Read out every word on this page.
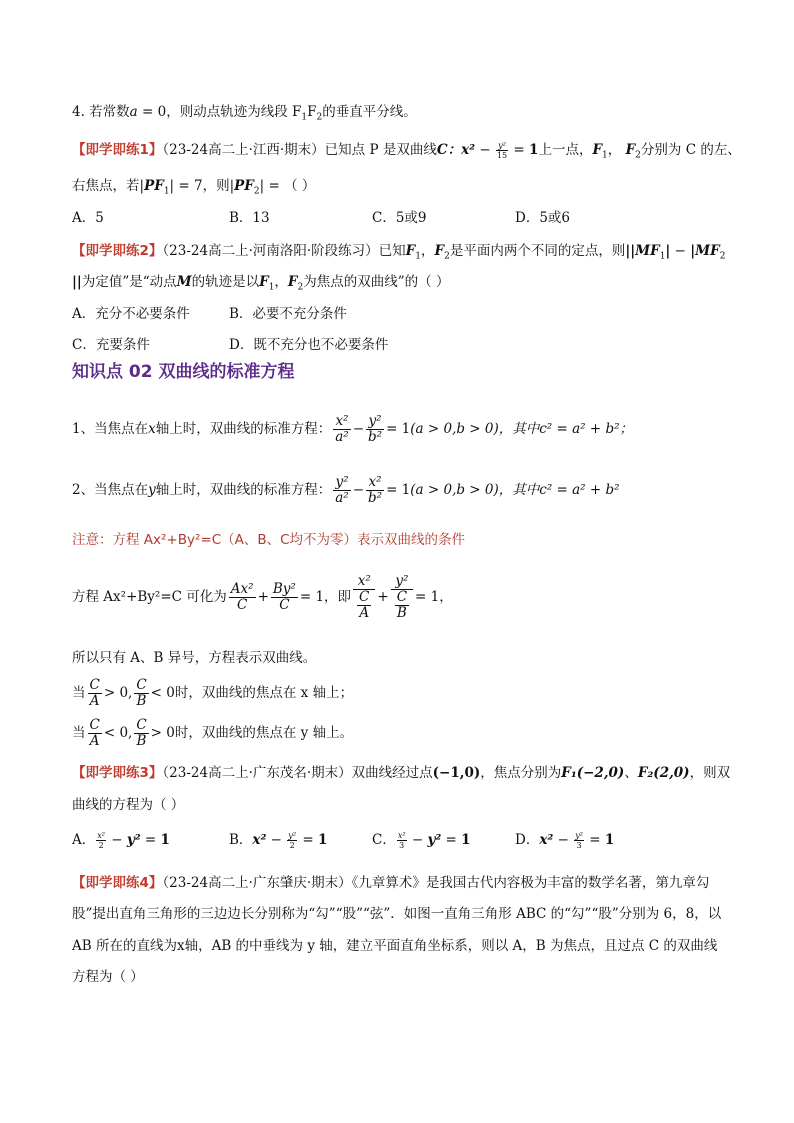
4. 若常数a = 0，则动点轨迹为线段 $F_1F_2$的垂直平分线。
【即学即练1】（23-24高二上·江西·期末）已知点 P 是双曲线C：$x^2 - \frac{\text{y²}}{15} = 1$上一点，$F_1$， $F_2$分别为 C 的左、
右焦点，若$|PF_1| = 7$，则$|PF_2|$ = （ ）
A．5	B．13	C．5或9	D．5或6
【即学即练2】（23-24高二上·河南洛阳·阶段练习）已知$F_1$，$F_2$是平面内两个不同的定点，则$||MF_1| - |MF_2$
||为定值”是“动点M的轨迹是以$F_1$，$F_2$为焦点的双曲线”的（ ）
A．充分不必要条件	B．必要不充分条件
C．充要条件	D．既不充分也不必要条件
知识点 02 双曲线的标准方程
1、当焦点在x轴上时，双曲线的标准方程： $\frac{\text{x²}}{\text{a²}} - \frac{\text{y²}}{\text{b²}} = 1(a > 0,b > 0)$，其中c² = a² + b²；
2、当焦点在y轴上时，双曲线的标准方程： $\frac{\text{y²}}{\text{a²}} - \frac{\text{x²}}{\text{b²}} = 1(a > 0,b > 0)$，其中c² = a² + b²
注意：方程 Ax²+By²=C（A、B、C均不为零）表示双曲线的条件
方程 Ax²+By²=C 可化为 $\frac{\text{Ax²}}{C} + \frac{\text{By²}}{C} = 1$，即 $\frac{\text{x²}}{\frac{C}{A}} + \frac{\text{y²}}{\frac{C}{B}} = 1$，
所以只有 A、B 异号，方程表示双曲线。
当 $\frac{C}{A} > 0$, $\frac{C}{B} < 0$时，双曲线的焦点在 x 轴上；
当 $\frac{C}{A} < 0$, $\frac{C}{B} > 0$时，双曲线的焦点在 y 轴上。
【即学即练3】（23-24高二上·广东茂名·期末）双曲线经过点(−1,0)，焦点分别为F₁(−2,0)、F₂(2,0)，则双
曲线的方程为（ ）
A． $\frac{\text{x²}}{2} - y^2 = 1$	B．$x^2 - \frac{\text{y²}}{2} = 1$	C． $\frac{\text{x²}}{3} - y^2 = 1$	D．$x^2 - \frac{\text{y²}}{3} = 1$
【即学即练4】（23-24高二上·广东肇庆·期末）《九章算术》是我国古代内容极为丰富的数学名著，第九章勾
股”提出直角三角形的三边边长分别称为“勾”“股”“弦”．如图一直角三角形 ABC 的“勾”“股”分别为 6，8，以
AB 所在的直线为x轴，AB 的中垂线为 y 轴，建立平面直角坐标系，则以 A，B 为焦点，且过点 C 的双曲线
方程为（ ）
